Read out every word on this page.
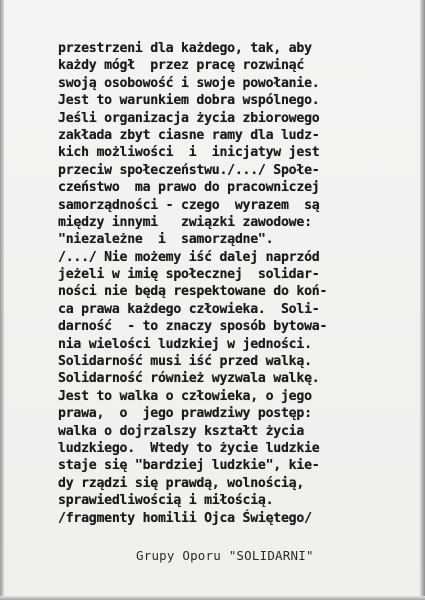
przestrzeni dla każdego, tak, aby
każdy mógł  przez pracę rozwinąć
swoją osobowość i swoje powołanie.
Jest to warunkiem dobra wspólnego.
Jeśli organizacja życia zbiorowego
zakłada zbyt ciasne ramy dla ludz-
kich możliwości  i  inicjatyw jest
przeciw społeczeństwu./.../ Społe-
czeństwo  ma prawo do pracowniczej
samorządności - czego  wyrazem  są
między innymi   związki zawodowe:
"niezależne  i  samorządne".
/.../ Nie możemy iść dalej naprzód
jeżeli w imię społecznej  solidar-
ności nie będą respektowane do koń-
ca prawa każdego człowieka.  Soli-
darność  - to znaczy sposób bytowa-
nia wielości ludzkiej w jedności.
Solidarność musi iść przed walką.
Solidarność również wyzwala walkę.
Jest to walka o człowieka, o jego
prawa,  o  jego prawdziwy postęp:
walka o dojrzalszy kształt życia
ludzkiego.  Wtedy to życie ludzkie
staje się "bardziej ludzkie", kie-
dy rządzi się prawdą, wolnością,
sprawiedliwością i miłością.
/fragmenty homilii Ojca Świętego/
Grupy Oporu "SOLIDARNI"
